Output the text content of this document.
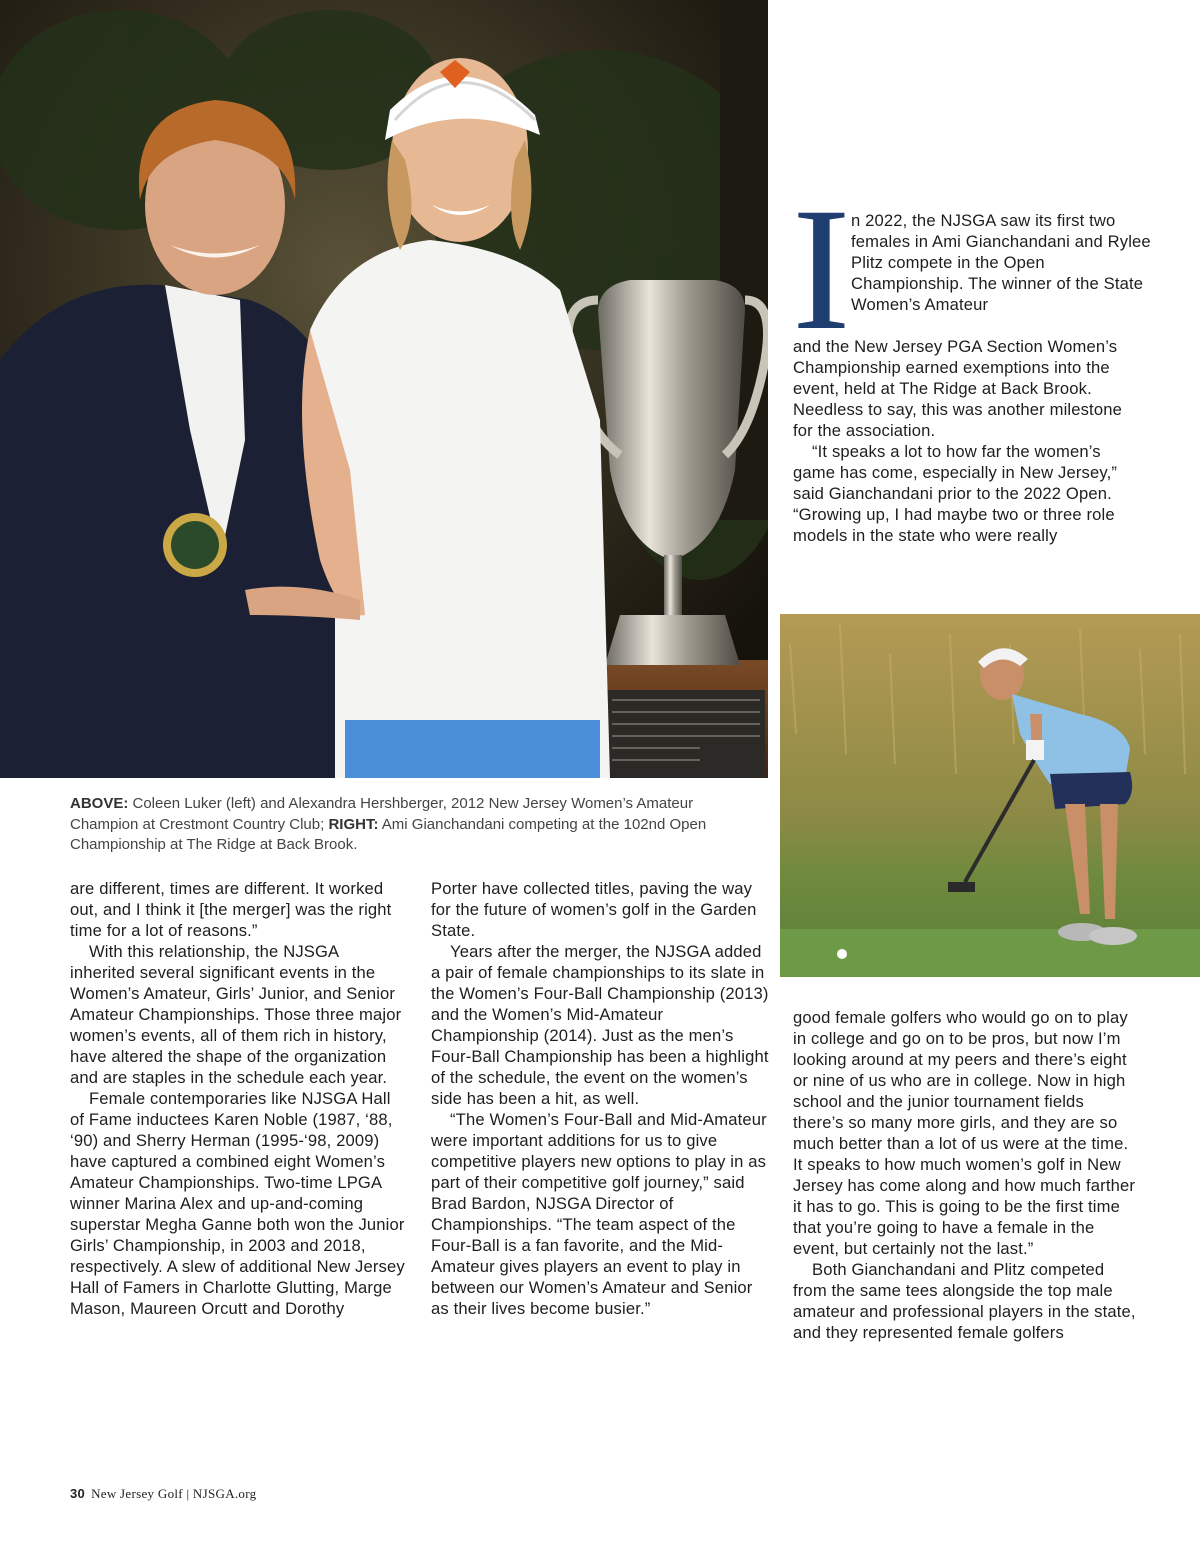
I n 2022, the NJSGA saw its first two females in Ami Gianchandani and Rylee Plitz compete in the Open Championship. The winner of the State Women’s Amateur

and the New Jersey PGA Section Women’s Championship earned exemptions into the event, held at The Ridge at Back Brook. Needless to say, this was another milestone for the association.

“It speaks a lot to how far the women’s game has come, especially in New Jersey,” said Gianchandani prior to the 2022 Open. “Growing up, I had maybe two or three role models in the state who were really

ABOVE: Coleen Luker (left) and Alexandra Hershberger, 2012 New Jersey Women’s Amateur Champion at Crestmont Country Club; RIGHT: Ami Gianchandani competing at the 102nd Open Championship at The Ridge at Back Brook.

are different, times are different. It worked out, and I think it [the merger] was the right time for a lot of reasons.”

With this relationship, the NJSGA inherited several significant events in the Women’s Amateur, Girls’ Junior, and Senior Amateur Championships. Those three major women’s events, all of them rich in history, have altered the shape of the organization and are staples in the schedule each year.

Female contemporaries like NJSGA Hall of Fame inductees Karen Noble (1987, ‘88, ‘90) and Sherry Herman (1995-‘98, 2009) have captured a combined eight Women’s Amateur Championships. Two-time LPGA winner Marina Alex and up-and-coming superstar Megha Ganne both won the Junior Girls’ Championship, in 2003 and 2018, respectively. A slew of additional New Jersey Hall of Famers in Charlotte Glutting, Marge Mason, Maureen Orcutt and Dorothy

Porter have collected titles, paving the way for the future of women’s golf in the Garden State.

Years after the merger, the NJSGA added a pair of female championships to its slate in the Women’s Four-Ball Championship (2013) and the Women’s Mid-Amateur Championship (2014). Just as the men’s Four-Ball Championship has been a highlight of the schedule, the event on the women’s side has been a hit, as well.

“The Women’s Four-Ball and Mid-Amateur were important additions for us to give competitive players new options to play in as part of their competitive golf journey,” said Brad Bardon, NJSGA Director of Championships. “The team aspect of the Four-Ball is a fan favorite, and the Mid-Amateur gives players an event to play in between our Women’s Amateur and Senior as their lives become busier.”

good female golfers who would go on to play in college and go on to be pros, but now I’m looking around at my peers and there’s eight or nine of us who are in college. Now in high school and the junior tournament fields there’s so many more girls, and they are so much better than a lot of us were at the time. It speaks to how much women’s golf in New Jersey has come along and how much farther it has to go. This is going to be the first time that you’re going to have a female in the event, but certainly not the last.”

Both Gianchandani and Plitz competed from the same tees alongside the top male amateur and professional players in the state, and they represented female golfers

30 New Jersey Golf | NJSGA.org
